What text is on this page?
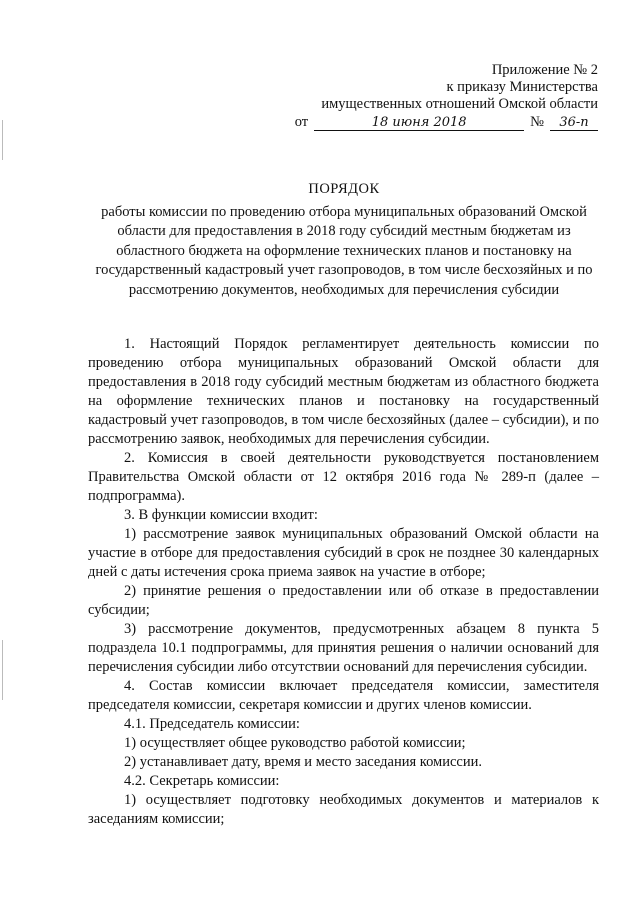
Приложение № 2
к приказу Министерства
имущественных отношений Омской области
от	18 июня 2018	№	36-п
ПОРЯДОК
работы комиссии по проведению отбора муниципальных образований Омской области для предоставления в 2018 году субсидий местным бюджетам из областного бюджета на оформление технических планов и постановку на государственный кадастровый учет газопроводов, в том числе бесхозяйных и по рассмотрению документов, необходимых для перечисления субсидии

1. Настоящий Порядок регламентирует деятельность комиссии по проведению отбора муниципальных образований Омской области для предоставления в 2018 году субсидий местным бюджетам из областного бюджета на оформление технических планов и постановку на государственный кадастровый учет газопроводов, в том числе бесхозяйных (далее – субсидии), и по рассмотрению заявок, необходимых для перечисления субсидии.

2. Комиссия в своей деятельности руководствуется постановлением Правительства Омской области от 12 октября 2016 года № 289-п (далее – подпрограмма).

3. В функции комиссии входит:

1) рассмотрение заявок муниципальных образований Омской области на участие в отборе для предоставления субсидий в срок не позднее 30 календарных дней с даты истечения срока приема заявок на участие в отборе;

2) принятие решения о предоставлении или об отказе в предоставлении субсидии;

3) рассмотрение документов, предусмотренных абзацем 8 пункта 5 подраздела 10.1 подпрограммы, для принятия решения о наличии оснований для перечисления субсидии либо отсутствии оснований для перечисления субсидии.

4. Состав комиссии включает председателя комиссии, заместителя председателя комиссии, секретаря комиссии и других членов комиссии.

4.1. Председатель комиссии:

1) осуществляет общее руководство работой комиссии;

2) устанавливает дату, время и место заседания комиссии.

4.2. Секретарь комиссии:

1) осуществляет подготовку необходимых документов и материалов к заседаниям комиссии;
